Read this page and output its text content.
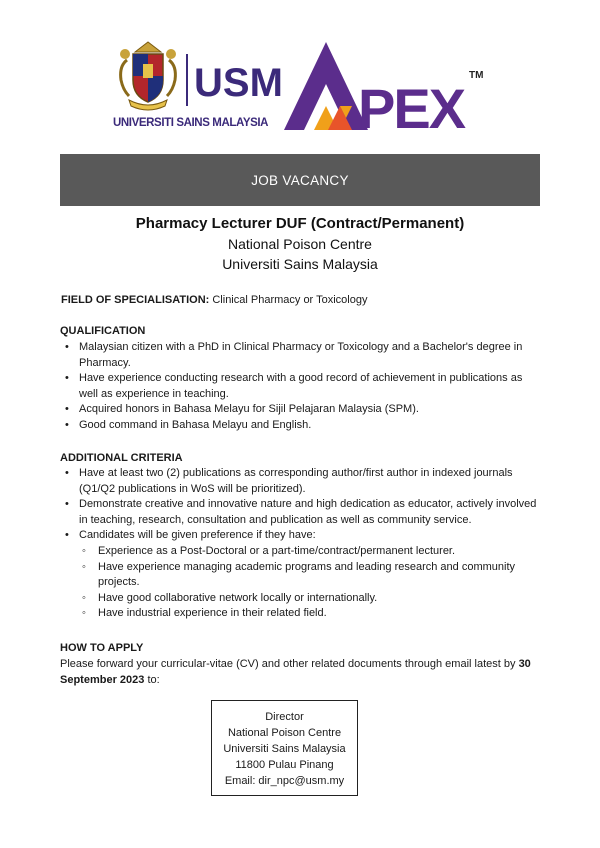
USM
UNIVERSITI SAINS MALAYSIA PEX
TM
JOB VACANCY
Pharmacy Lecturer DUF (Contract/Permanent)
National Poison Centre
Universiti Sains Malaysia
FIELD OF SPECIALISATION: Clinical Pharmacy or Toxicology
QUALIFICATION
• Malaysian citizen with a PhD in Clinical Pharmacy or Toxicology and a Bachelor's degree in Pharmacy.
• Have experience conducting research with a good record of achievement in publications as well as experience in teaching.
• Acquired honors in Bahasa Melayu for Sijil Pelajaran Malaysia (SPM).
• Good command in Bahasa Melayu and English.
ADDITIONAL CRITERIA
• Have at least two (2) publications as corresponding author/first author in indexed journals (Q1/Q2 publications in WoS will be prioritized).
• Demonstrate creative and innovative nature and high dedication as educator, actively involved in teaching, research, consultation and publication as well as community service.
• Candidates will be given preference if they have:
◦ Experience as a Post-Doctoral or a part-time/contract/permanent lecturer.
◦ Have experience managing academic programs and leading research and community projects.
◦ Have good collaborative network locally or internationally.
◦ Have industrial experience in their related field.
HOW TO APPLY
Please forward your curricular-vitae (CV) and other related documents through email latest by 30 September 2023 to:
Director
National Poison Centre
Universiti Sains Malaysia
11800 Pulau Pinang
Email: dir_npc@usm.my
